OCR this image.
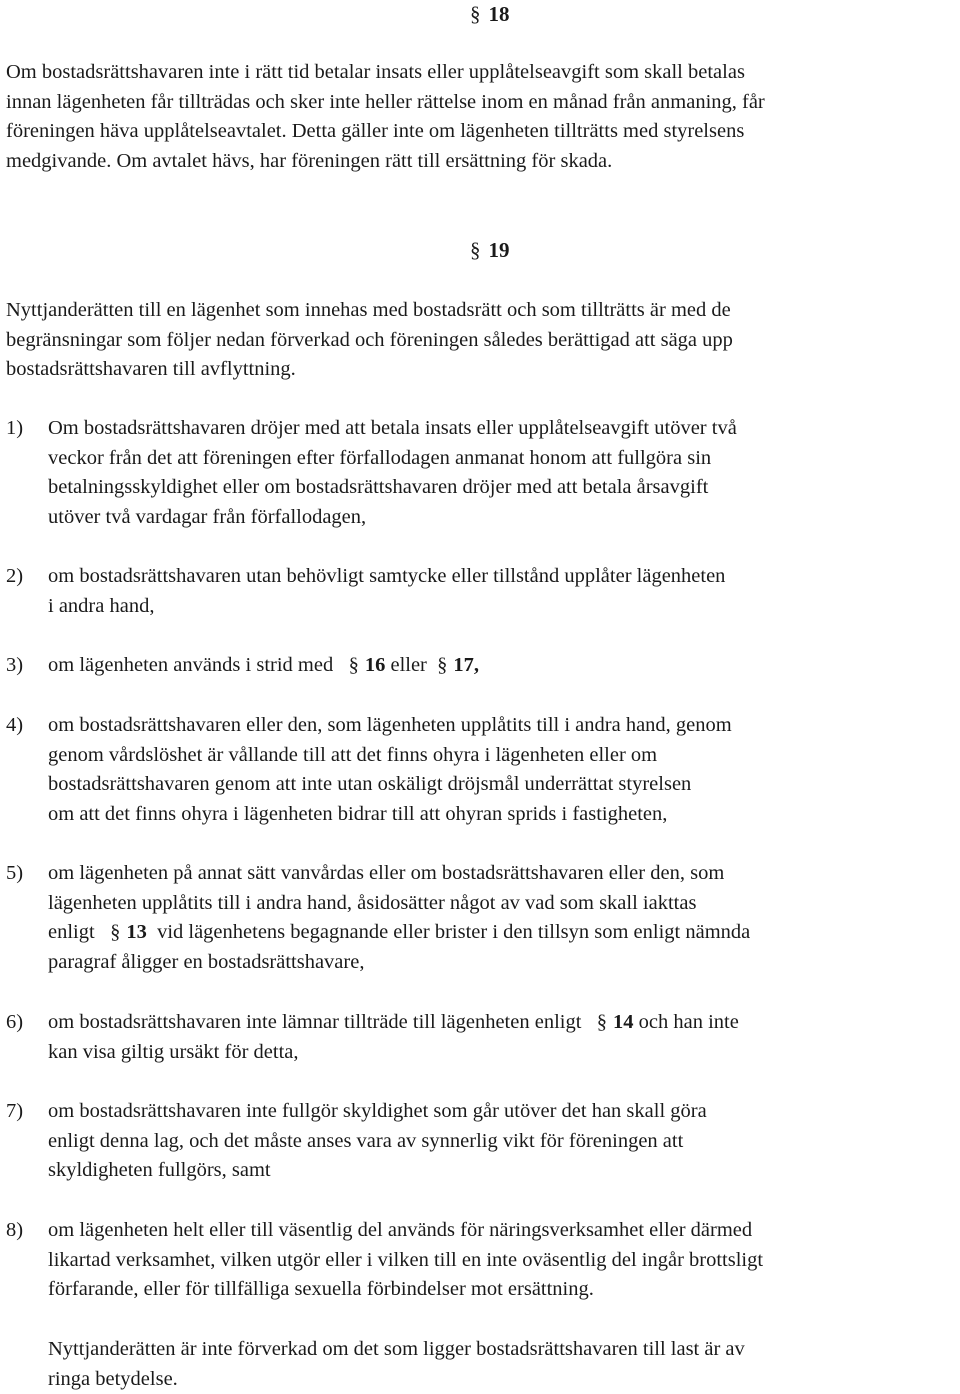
§ 18
Om bostadsrättshavaren inte i rätt tid betalar insats eller upplåtelseavgift som skall betalas
innan lägenheten får tillträdas och sker inte heller rättelse inom en månad från anmaning, får
föreningen häva upplåtelseavtalet. Detta gäller inte om lägenheten tillträtts med styrelsens
medgivande. Om avtalet hävs, har föreningen rätt till ersättning för skada.
§ 19
Nyttjanderätten till en lägenhet som innehas med bostadsrätt och som tillträtts är med de
begränsningar som följer nedan förverkad och föreningen således berättigad att säga upp
bostadsrättshavaren till avflyttning.
1) Om bostadsrättshavaren dröjer med att betala insats eller upplåtelseavgift utöver två
veckor från det att föreningen efter förfallodagen anmanat honom att fullgöra sin
betalningsskyldighet eller om bostadsrättshavaren dröjer med att betala årsavgift
utöver två vardagar från förfallodagen,
2) om bostadsrättshavaren utan behövligt samtycke eller tillstånd upplåter lägenheten
i andra hand,
3) om lägenheten används i strid med § 16 eller § 17,
4) om bostadsrättshavaren eller den, som lägenheten upplåtits till i andra hand, genom
genom vårdslöshet är vållande till att det finns ohyra i lägenheten eller om
bostadsrättshavaren genom att inte utan oskäligt dröjsmål underrättat styrelsen
om att det finns ohyra i lägenheten bidrar till att ohyran sprids i fastigheten,
5) om lägenheten på annat sätt vanvårdas eller om bostadsrättshavaren eller den, som
lägenheten upplåtits till i andra hand, åsidosätter något av vad som skall iakttas
enligt § 13 vid lägenhetens begagnande eller brister i den tillsyn som enligt nämnda
paragraf åligger en bostadsrättshavare,
6) om bostadsrättshavaren inte lämnar tillträde till lägenheten enligt § 14 och han inte
kan visa giltig ursäkt för detta,
7) om bostadsrättshavaren inte fullgör skyldighet som går utöver det han skall göra
enligt denna lag, och det måste anses vara av synnerlig vikt för föreningen att
skyldigheten fullgörs, samt
8) om lägenheten helt eller till väsentlig del används för näringsverksamhet eller därmed
likartad verksamhet, vilken utgör eller i vilken till en inte oväsentlig del ingår brottsligt
förfarande, eller för tillfälliga sexuella förbindelser mot ersättning.
Nyttjanderätten är inte förverkad om det som ligger bostadsrättshavaren till last är av
ringa betydelse.
